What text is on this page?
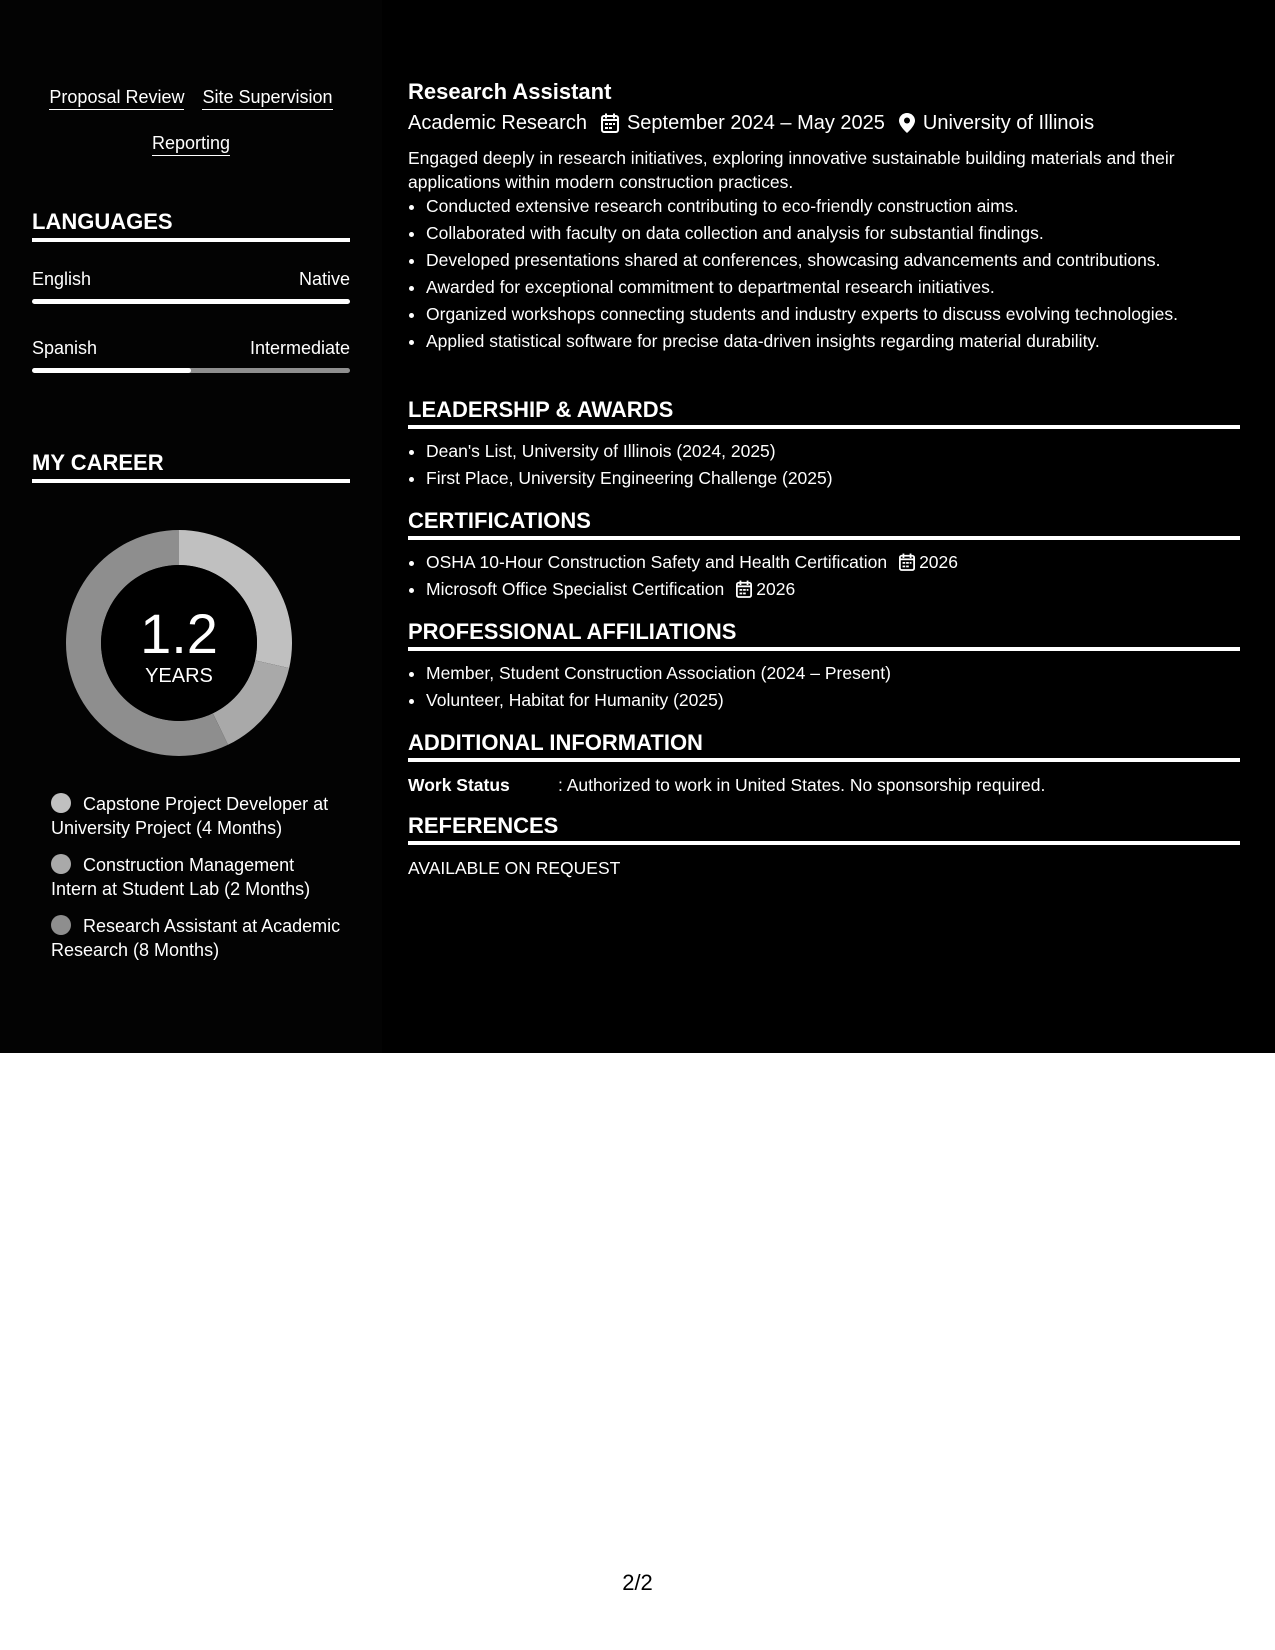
Proposal Review Site Supervision
Reporting
LANGUAGES
English	Native
Spanish	Intermediate
MY CAREER
1.2
YEARS
Capstone Project Developer at University Project (4 Months)
Construction Management Intern at Student Lab (2 Months)
Research Assistant at Academic Research (8 Months)
Research Assistant
Academic Research September 2024 – May 2025 University of Illinois
Engaged deeply in research initiatives, exploring innovative sustainable building materials and their applications within modern construction practices.
• Conducted extensive research contributing to eco-friendly construction aims.
• Collaborated with faculty on data collection and analysis for substantial findings.
• Developed presentations shared at conferences, showcasing advancements and contributions.
• Awarded for exceptional commitment to departmental research initiatives.
• Organized workshops connecting students and industry experts to discuss evolving technologies.
• Applied statistical software for precise data-driven insights regarding material durability.
LEADERSHIP & AWARDS
• Dean's List, University of Illinois (2024, 2025)
• First Place, University Engineering Challenge (2025)
CERTIFICATIONS
• OSHA 10-Hour Construction Safety and Health Certification 2026
• Microsoft Office Specialist Certification 2026
PROFESSIONAL AFFILIATIONS
• Member, Student Construction Association (2024 – Present)
• Volunteer, Habitat for Humanity (2025)
ADDITIONAL INFORMATION
Work Status	: Authorized to work in United States. No sponsorship required.
REFERENCES
AVAILABLE ON REQUEST
2/2
